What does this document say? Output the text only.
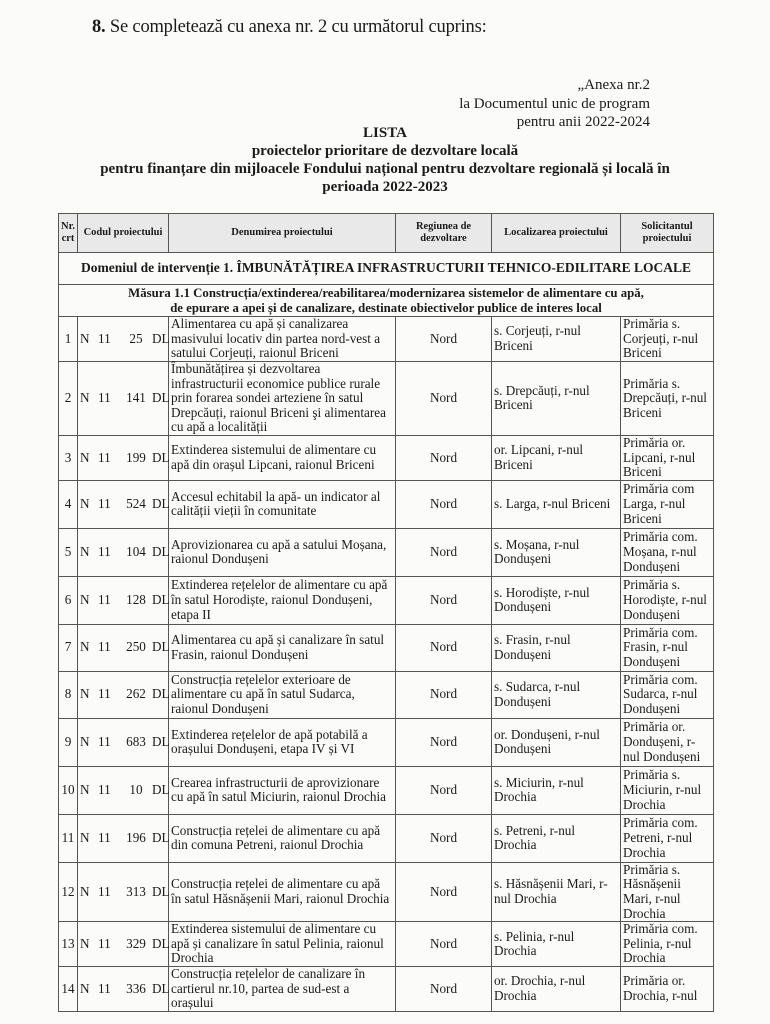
8. Se completează cu anexa nr. 2 cu următorul cuprins:
„Anexa nr.2
la Documentul unic de program
pentru anii 2022-2024
LISTA
proiectelor prioritare de dezvoltare locală
pentru finanțare din mijloacele Fondului național pentru dezvoltare regională și locală în
perioada 2022-2023
Nr. crt	Codul proiectului	Denumirea proiectului	Regiunea de dezvoltare	Localizarea proiectului	Solicitantul proiectului
Domeniul de intervenție 1. ÎMBUNĂTĂȚIREA INFRASTRUCTURII TEHNICO-EDILITARE LOCALE					

Măsura 1.1 Construcția/extinderea/reabilitarea/modernizarea sistemelor de alimentare cu apă,
de epurare a apei și de canalizare, destinate obiectivelor publice de interes local					

1	N 11 25 DL	Alimentarea cu apă și canalizarea masivului locativ din partea nord-vest a satului Corjeuți, raionul Briceni	Nord	s. Corjeuți, r-nul Briceni	Primăria s. Corjeuți, r-nul Briceni
2	N 11 141 DL	Îmbunătățirea și dezvoltarea infrastructurii economice publice rurale prin forarea sondei arteziene în satul Drepcăuți, raionul Briceni şi alimentarea cu apă a localității	Nord	s. Drepcăuți, r-nul Briceni	Primăria s. Drepcăuți, r-nul Briceni
3	N 11 199 DL	Extinderea sistemului de alimentare cu apă din orașul Lipcani, raionul Briceni	Nord	or. Lipcani, r-nul Briceni	Primăria or. Lipcani, r-nul Briceni
4	N 11 524 DL	Accesul echitabil la apă- un indicator al calității vieții în comunitate	Nord	s. Larga, r-nul Briceni	Primăria com Larga, r-nul Briceni
5	N 11 104 DL	Aprovizionarea cu apă a satului Moșana, raionul Dondușeni	Nord	s. Moșana, r-nul Dondușeni	Primăria com. Moșana, r-nul Dondușeni
6	N 11 128 DL	Extinderea rețelelor de alimentare cu apă în satul Horodiște, raionul Dondușeni, etapa II	Nord	s. Horodiște, r-nul Dondușeni	Primăria s. Horodiște, r-nul Dondușeni
7	N 11 250 DL	Alimentarea cu apă și canalizare în satul Frasin, raionul Dondușeni	Nord	s. Frasin, r-nul Dondușeni	Primăria com. Frasin, r-nul Dondușeni
8	N 11 262 DL	Construcția rețelelor exterioare de alimentare cu apă în satul Sudarca, raionul Dondușeni	Nord	s. Sudarca, r-nul Dondușeni	Primăria com. Sudarca, r-nul Dondușeni
9	N 11 683 DL	Extinderea rețelelor de apă potabilă a orașului Dondușeni, etapa IV și VI	Nord	or. Dondușeni, r-nul Dondușeni	Primăria or. Dondușeni, r-nul Dondușeni
10	N 11 10 DL	Crearea infrastructurii de aprovizionare cu apă în satul Miciurin, raionul Drochia	Nord	s. Miciurin, r-nul Drochia	Primăria s. Miciurin, r-nul Drochia
11	N 11 196 DL	Construcția rețelei de alimentare cu apă din comuna Petreni, raionul Drochia	Nord	s. Petreni, r-nul Drochia	Primăria com. Petreni, r-nul Drochia
12	N 11 313 DL	Construcția rețelei de alimentare cu apă în satul Hăsnășenii Mari, raionul Drochia	Nord	s. Hăsnășenii Mari, r-nul Drochia	Primăria s. Hăsnășenii Mari, r-nul Drochia
13	N 11 329 DL	Extinderea sistemului de alimentare cu apă și canalizare în satul Pelinia, raionul Drochia	Nord	s. Pelinia, r-nul Drochia	Primăria com. Pelinia, r-nul Drochia
14	N 11 336 DL	Construcția rețelelor de canalizare în cartierul nr.10, partea de sud-est a orașului	Nord	or. Drochia, r-nul Drochia	Primăria or. Drochia, r-nul
